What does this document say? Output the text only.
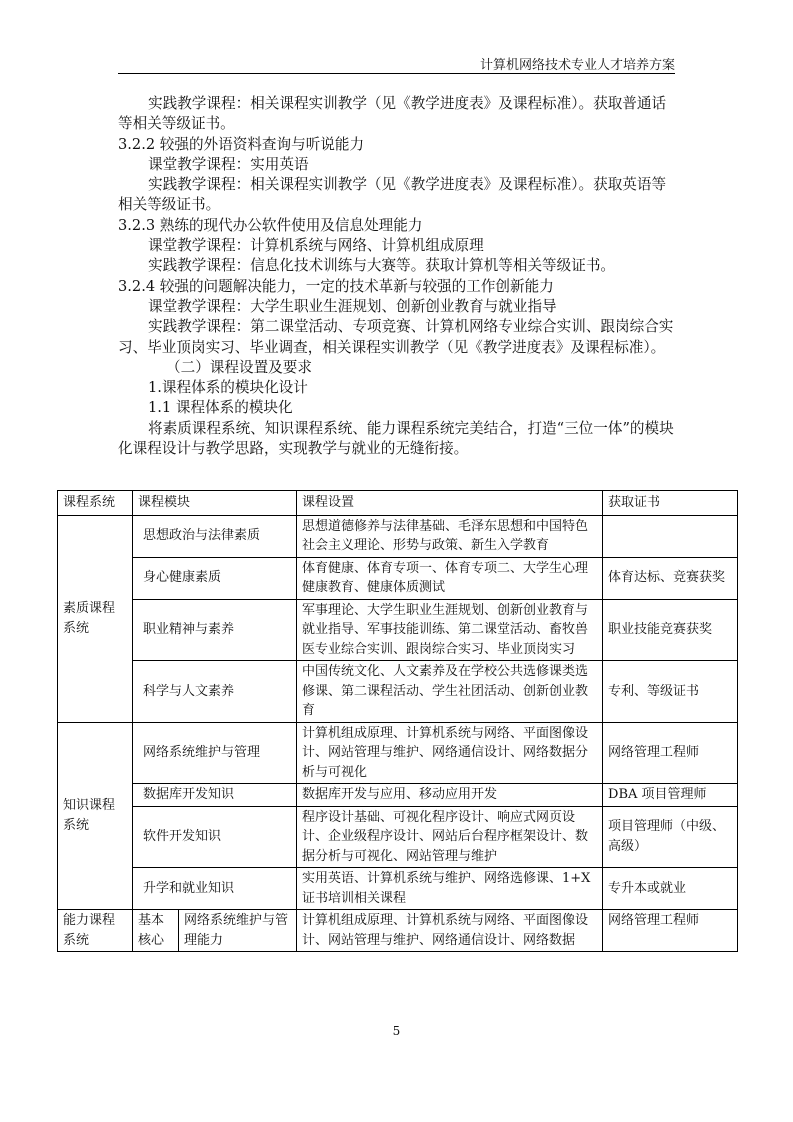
计算机网络技术专业人才培养方案

实践教学课程：相关课程实训教学（见《教学进度表》及课程标准）。获取普通话等相关等级证书。

3.2.2 较强的外语资料查询与听说能力

课堂教学课程：实用英语

实践教学课程：相关课程实训教学（见《教学进度表》及课程标准）。获取英语等相关等级证书。

3.2.3 熟练的现代办公软件使用及信息处理能力

课堂教学课程：计算机系统与网络、计算机组成原理

实践教学课程：信息化技术训练与大赛等。获取计算机等相关等级证书。

3.2.4 较强的问题解决能力，一定的技术革新与较强的工作创新能力

课堂教学课程：大学生职业生涯规划、创新创业教育与就业指导

实践教学课程：第二课堂活动、专项竞赛、计算机网络专业综合实训、跟岗综合实习、毕业顶岗实习、毕业调查，相关课程实训教学（见《教学进度表》及课程标准）。

（二）课程设置及要求

1.课程体系的模块化设计

1.1 课程体系的模块化

将素质课程系统、知识课程系统、能力课程系统完美结合，打造“三位一体”的模块化课程设计与教学思路，实现教学与就业的无缝衔接。

课程系统	课程模块		课程设置	获取证书
素质课程系统	思想政治与法律素质		思想道德修养与法律基础、毛泽东思想和中国特色社会主义理论、形势与政策、新生入学教育	
	身心健康素质		体育健康、体育专项一、体育专项二、大学生心理健康教育、健康体质测试	体育达标、竞赛获奖
	职业精神与素养		军事理论、大学生职业生涯规划、创新创业教育与就业指导、军事技能训练、第二课堂活动、畜牧兽医专业综合实训、跟岗综合实习、毕业顶岗实习	职业技能竞赛获奖
	科学与人文素养		中国传统文化、人文素养及在学校公共选修课类选修课、第二课程活动、学生社团活动、创新创业教育	专利、等级证书
知识课程系统	网络系统维护与管理		计算机组成原理、计算机系统与网络、平面图像设计、网站管理与维护、网络通信设计、网络数据分析与可视化	网络管理工程师
	数据库开发知识		数据库开发与应用、移动应用开发	DBA 项目管理师
	软件开发知识		程序设计基础、可视化程序设计、响应式网页设计、企业级程序设计、网站后台程序框架设计、数据分析与可视化、网站管理与维护	项目管理师（中级、高级）
	升学和就业知识		实用英语、计算机系统与维护、网络选修课、1+X证书培训相关课程	专升本或就业
能力课程系统	基本核心	网络系统维护与管理能力	计算机组成原理、计算机系统与网络、平面图像设计、网站管理与维护、网络通信设计、网络数据	网络管理工程师
5
